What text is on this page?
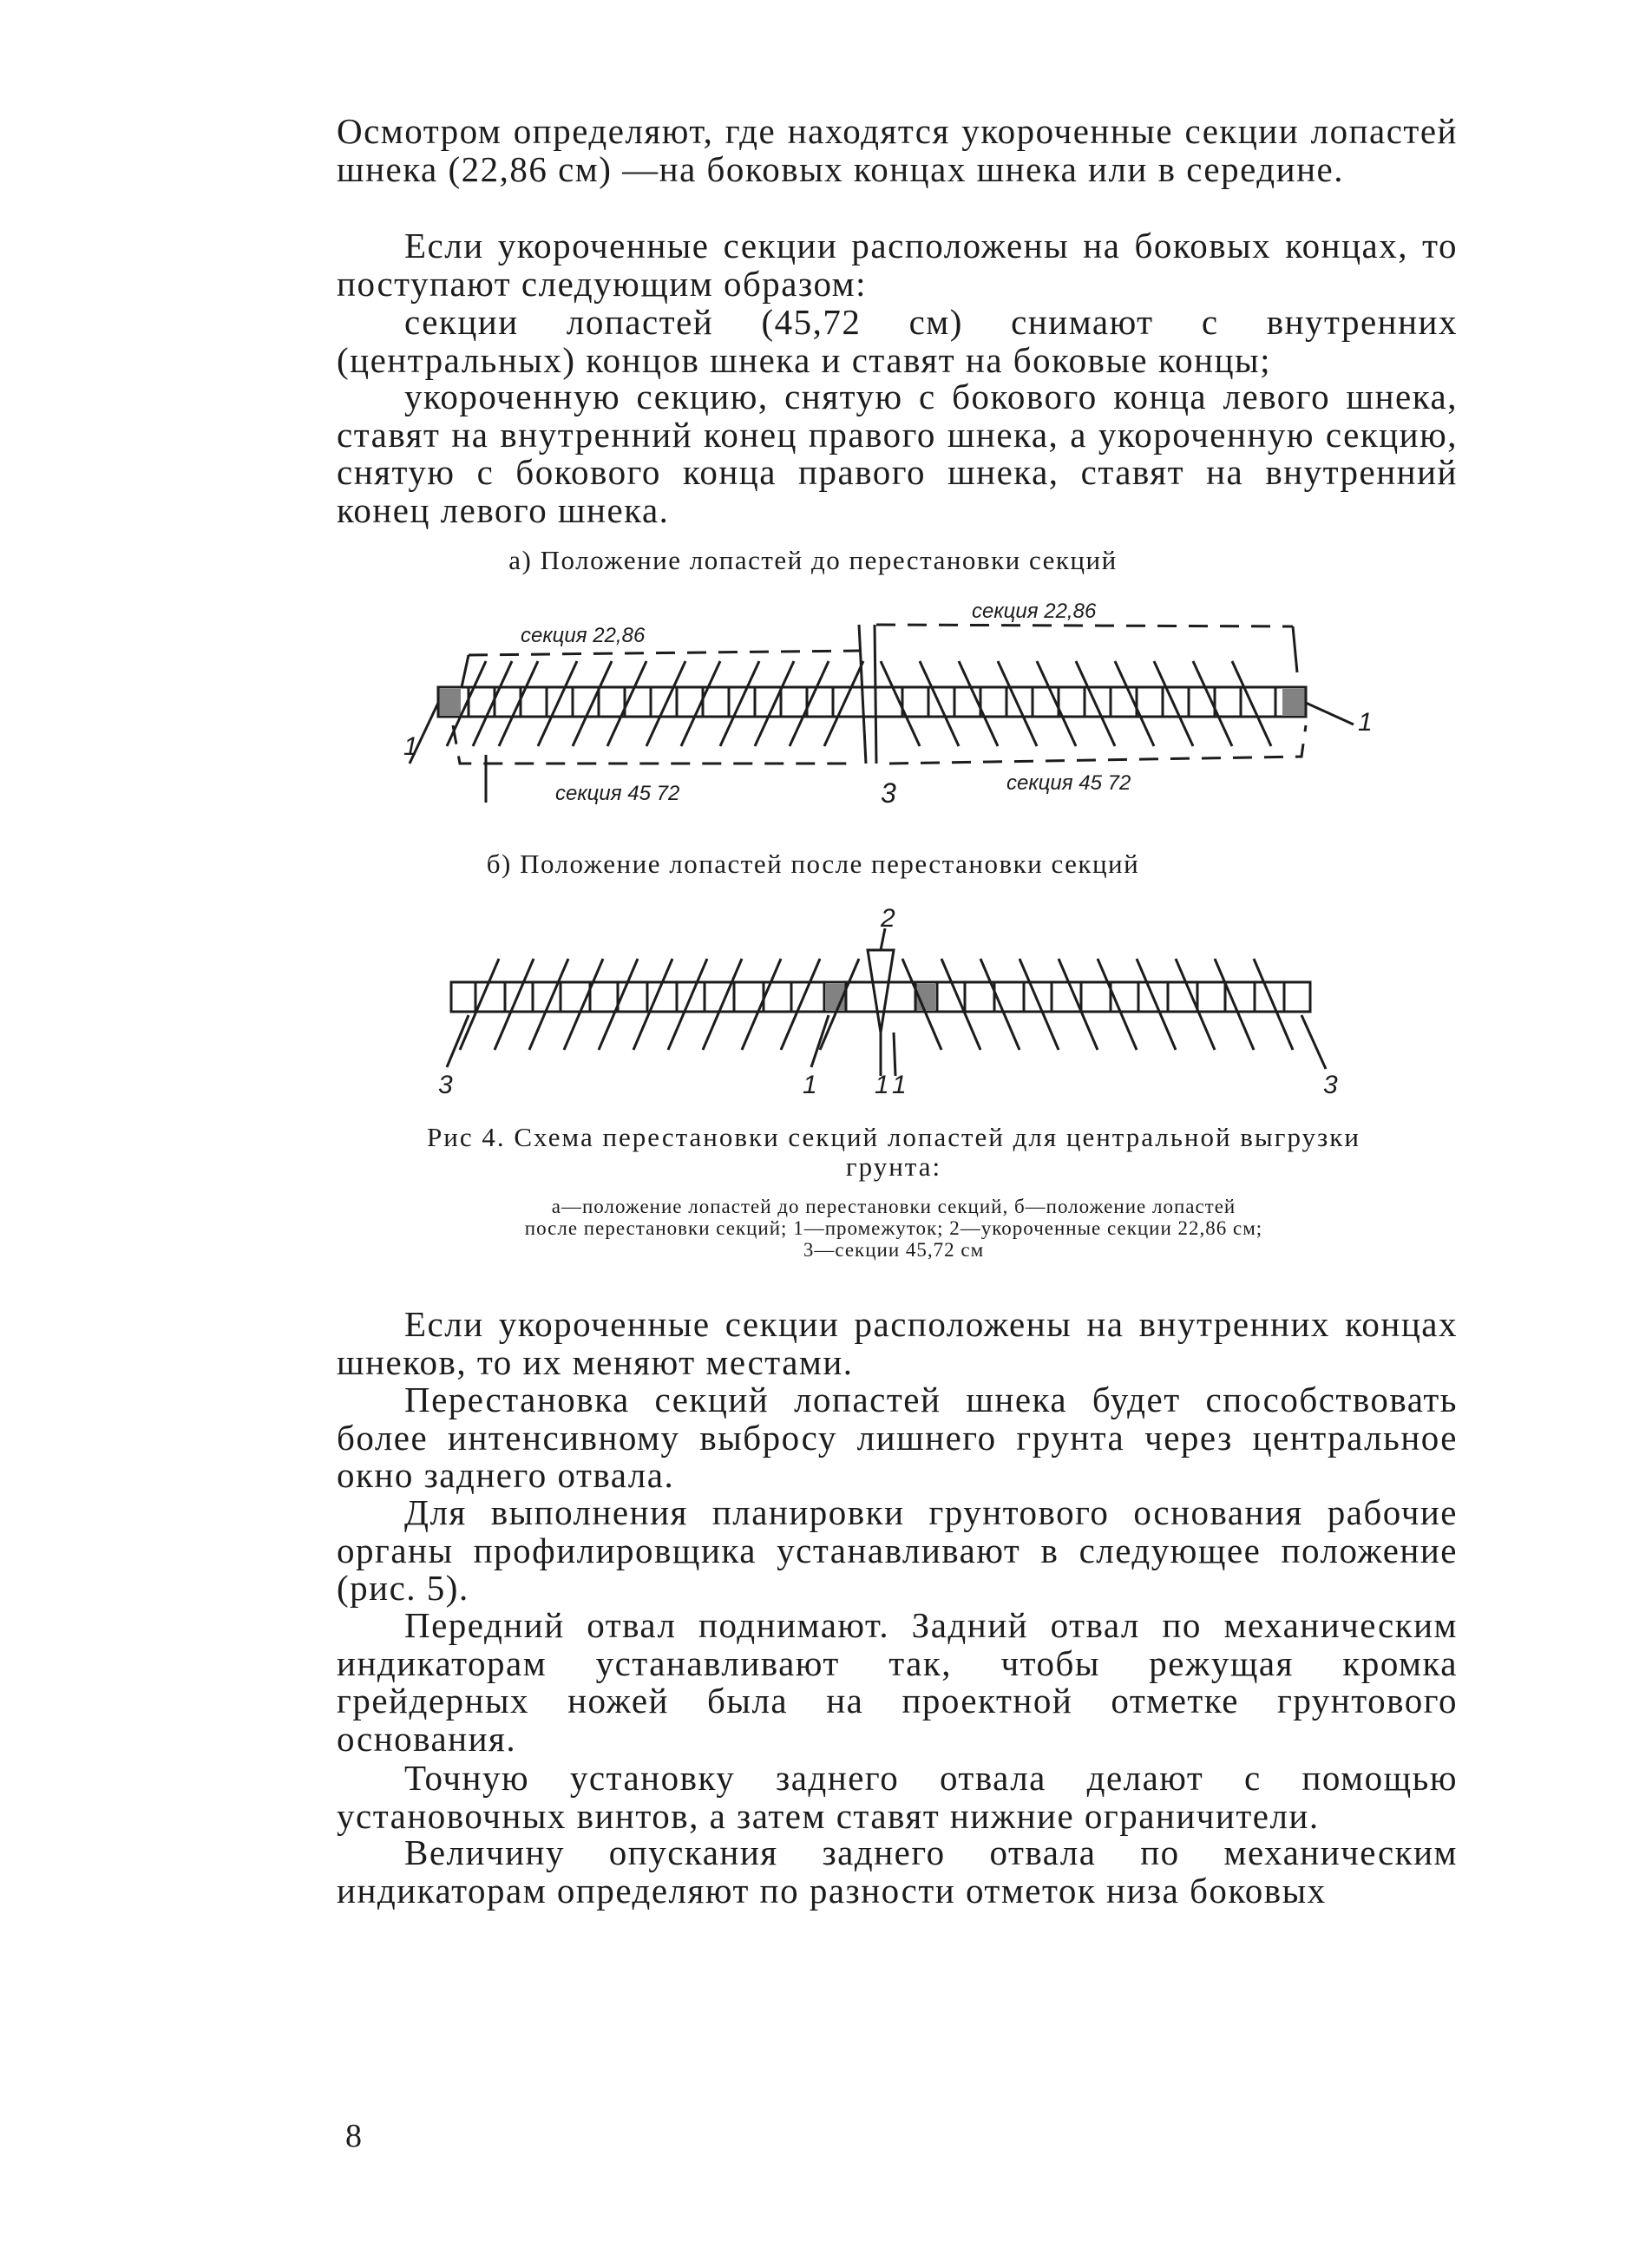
Осмотром определяют, где находятся укороченные секции лопастей шнека (22,86 см) —на боковых концах шнека или в середине.

Если укороченные секции расположены на боковых концах, то поступают следующим образом:

секции лопастей (45,72 см) снимают с внутренних (центральных) концов шнека и ставят на боковые концы;

укороченную секцию, снятую с бокового конца левого шнека, ставят на внутренний конец правого шнека, а укороченную секцию, снятую с бокового конца правого шнека, ставят на внутренний конец левого шнека.

а) Положение лопастей до перестановки секций

секция 22,86
секция 22,86
секция 45 72	секция 45 72
3
1
1

б) Положение лопастей после перестановки секций

2
3	3
1 1 1

Рис 4. Схема перестановки секций лопастей для центральной выгрузки грунта:

а—положение лопастей до перестановки секций, б—положение лопастей

после перестановки секций; 1—промежуток; 2—укороченные секции 22,86 см;

3—секции 45,72 см

Если укороченные секции расположены на внутренних концах шнеков, то их меняют местами.

Перестановка секций лопастей шнека будет способствовать более интенсивному выбросу лишнего грунта через центральное окно заднего отвала.

Для выполнения планировки грунтового основания рабочие органы профилировщика устанавливают в следующее положение (рис. 5).

Передний отвал поднимают. Задний отвал по механическим индикаторам устанавливают так, чтобы режущая кромка грейдерных ножей была на проектной отметке грунтового основания.

Точную установку заднего отвала делают с помощью установочных винтов, а затем ставят нижние ограничители.

Величину опускания заднего отвала по механическим индикаторам определяют по разности отметок низа боковых

8
